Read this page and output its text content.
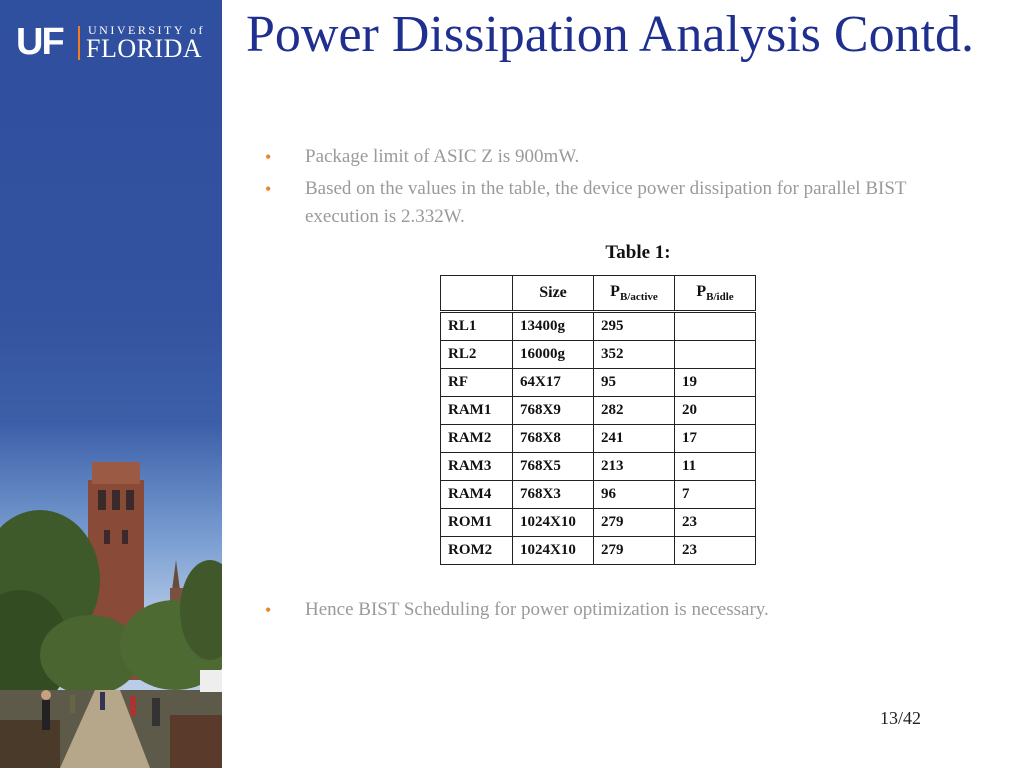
UF UNIVERSITY of
FLORIDA Power Dissipation Analysis Contd.
• Package limit of ASIC Z is 900mW.
• Based on the values in the table, the device power dissipation for parallel BIST execution is 2.332W.
Table 1:
	Size	$P_{B/active}$	$P_{B/idle}$
RL1	13400g	295	
RL2	16000g	352	
RF	64X17	95	19
RAM1	768X9	282	20
RAM2	768X8	241	17
RAM3	768X5	213	11
RAM4	768X3	96	7
ROM1	1024X10	279	23
ROM2	1024X10	279	23
• Hence BIST Scheduling for power optimization is necessary.
13/42
